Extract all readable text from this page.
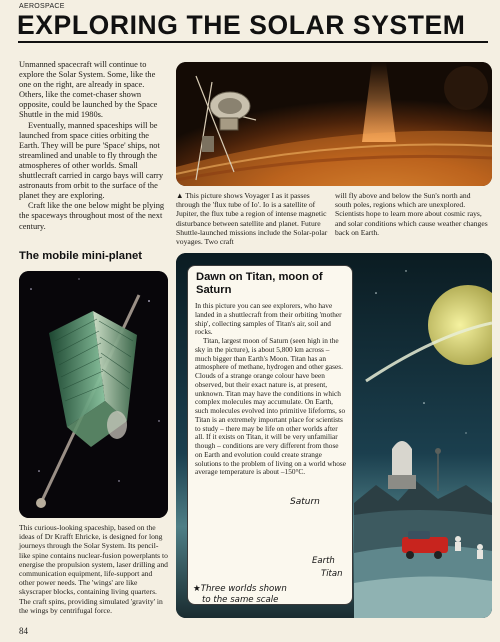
AEROSPACE
EXPLORING THE SOLAR SYSTEM

Unmanned spacecraft will continue to explore the Solar System. Some, like the one on the right, are already in space. Others, like the comet-chaser shown opposite, could be launched by the Space Shuttle in the mid 1980s.

Eventually, manned spaceships will be launched from space cities orbiting the Earth. They will be pure 'Space' ships, not streamlined and unable to fly through the atmospheres of other worlds. Small shuttlecraft carried in cargo bays will carry astronauts from orbit to the surface of the planet they are exploring.

Craft like the one below might be plying the spaceways throughout most of the next century.

▲ This picture shows Voyager I as it passes through the 'flux tube of Io'. Io is a satellite of Jupiter, the flux tube a region of intense magnetic disturbance between satellite and planet. Future Shuttle-launched missions include the Solar-polar voyages. Two craft
will fly above and below the Sun's north and south poles, regions which are unexplored. Scientists hope to learn more about cosmic rays, and solar conditions which cause weather changes back on Earth.
The mobile mini-planet
This curious-looking spaceship, based on the ideas of Dr Krafft Ehricke, is designed for long journeys through the Solar System. Its pencil-like spine contains nuclear-fusion powerplants to energise the propulsion system, laser drilling and communication equipment, life-support and other power needs. The 'wings' are like skyscraper blocks, containing living quarters. The craft spins, providing simulated 'gravity' in the wings by centrifugal force.
Dawn on Titan, moon of Saturn

In this picture you can see explorers, who have landed in a shuttlecraft from their orbiting 'mother ship', collecting samples of Titan's air, soil and rocks.

Titan, largest moon of Saturn (seen high in the sky in the picture), is about 5,800 km across – much bigger than Earth's Moon. Titan has an atmosphere of methane, hydrogen and other gases. Clouds of a strange orange colour have been observed, but their exact nature is, at present, unknown. Titan may have the conditions in which complex molecules may accumulate. On Earth, such molecules evolved into primitive lifeforms, so Titan is an extremely important place for scientists to study – there may be life on other worlds after all. If it exists on Titan, it will be very unfamiliar though – conditions are very different from those on Earth and evolution could create strange solutions to the problem of living on a world whose average temperature is about –150°C.

Saturn
Earth
Titan
★Three worlds shown
to the same scale
84
